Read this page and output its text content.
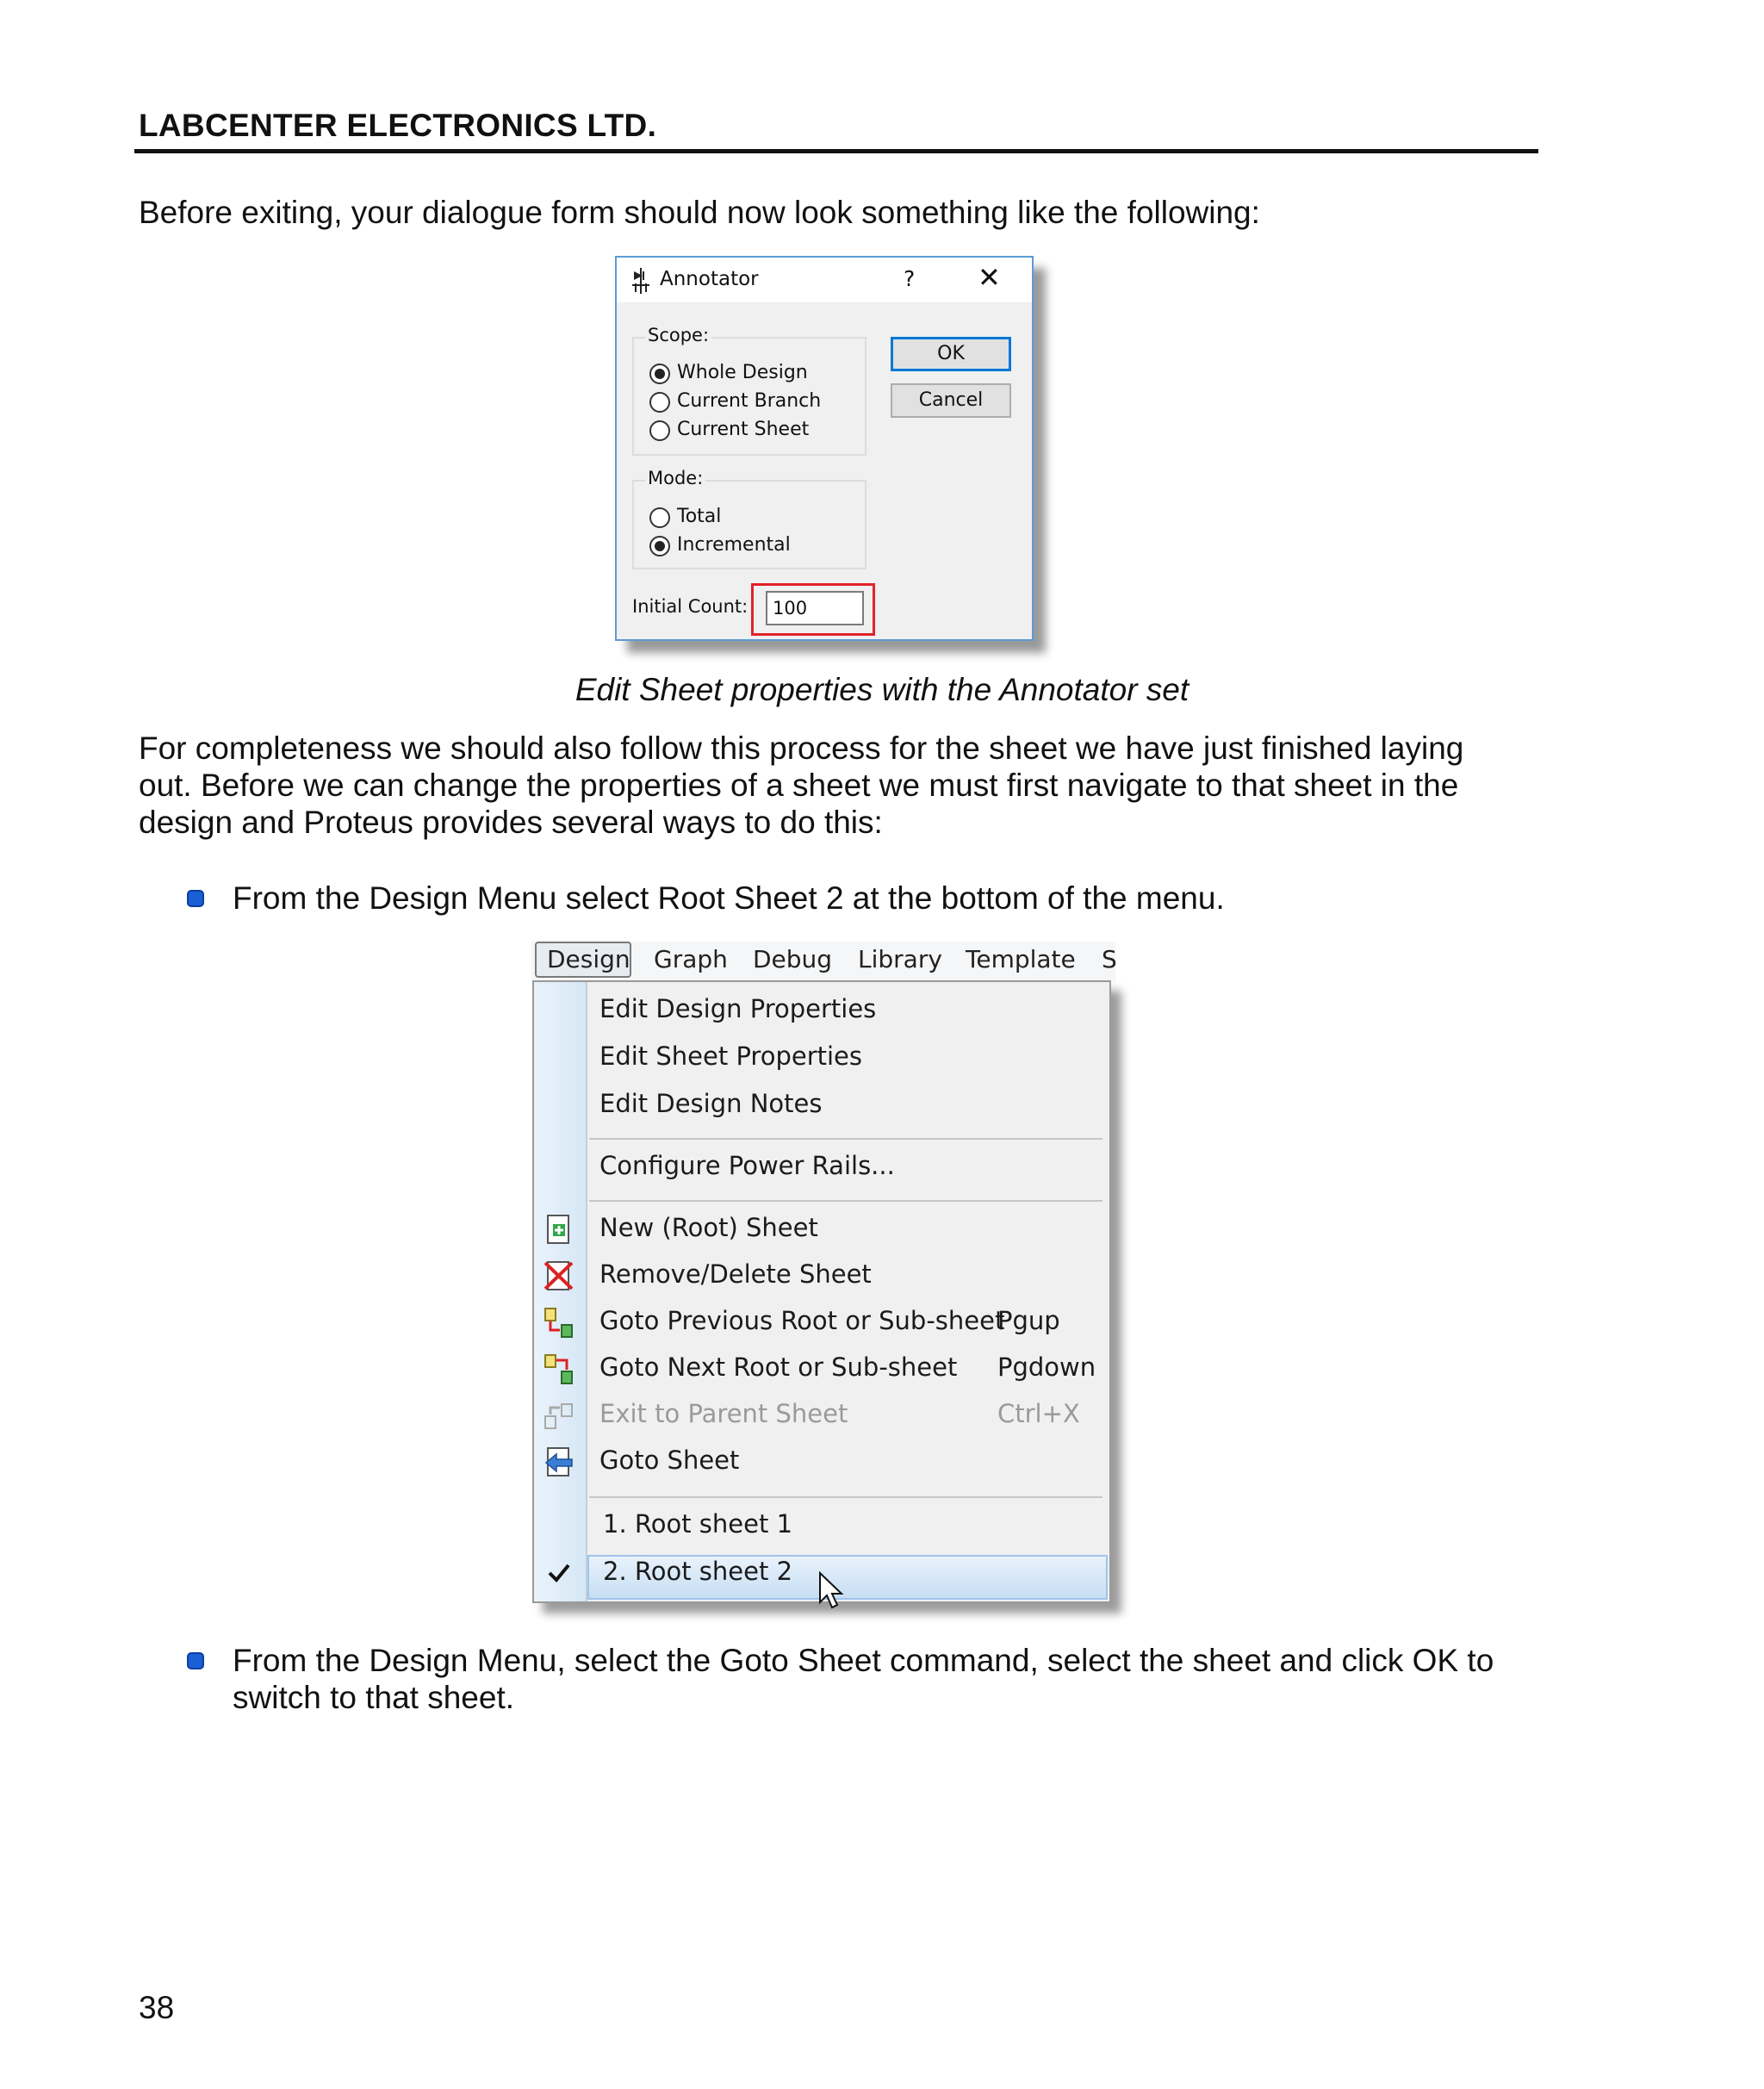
LABCENTER ELECTRONICS LTD.
Before exiting, your dialogue form should now look something like the following:
Annotator	? ✕
Scope:
Whole Design
Current Branch
Current Sheet
Mode:
Total
Incremental
OK
Cancel
Initial Count:	100
Edit Sheet properties with the Annotator set
For completeness we should also follow this process for the sheet we have just finished laying
out. Before we can change the properties of a sheet we must first navigate to that sheet in the
design and Proteus provides several ways to do this:
From the Design Menu select Root Sheet 2 at the bottom of the menu.
Design Graph Debug Library Template S
Edit Design Properties
Edit Sheet Properties
Edit Design Notes
Configure Power Rails...
New (Root) Sheet
Remove/Delete Sheet
Goto Previous Root or Sub-sheet
Pgup
Goto Next Root or Sub-sheet Pgdown
Exit to Parent Sheet	Ctrl+X
Goto Sheet
1. Root sheet 1
2. Root sheet 2
From the Design Menu, select the Goto Sheet command, select the sheet and click OK to
switch to that sheet.
38
